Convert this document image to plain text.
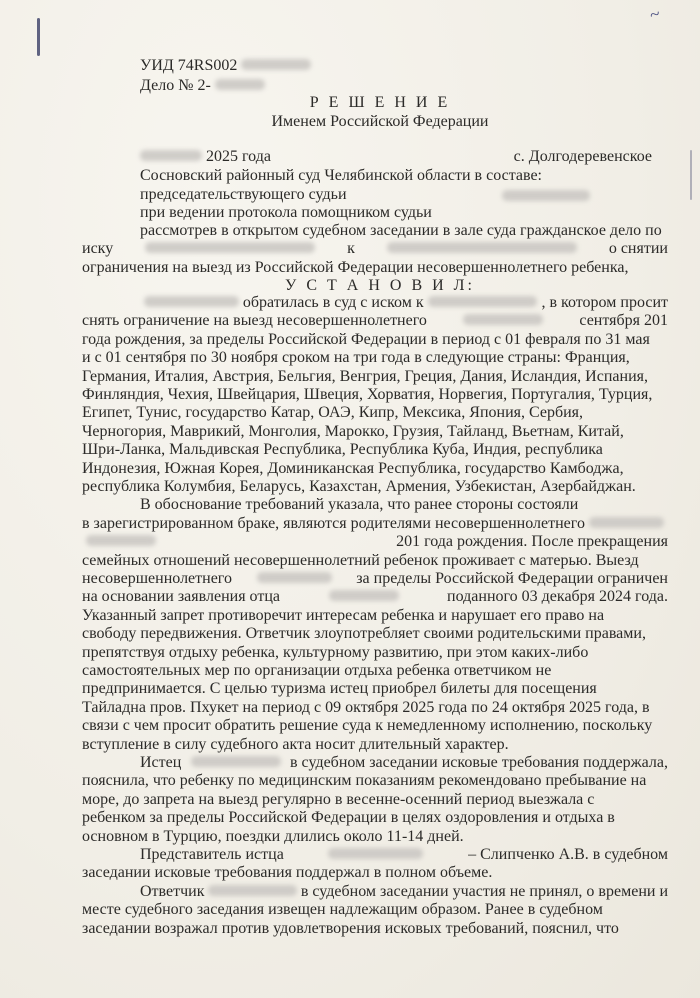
~
УИД 74RS002
Дело № 2-
Р Е Ш Е Н И Е
Именем Российской Федерации
2025 года	с. Долгодеревенское
Сосновский районный суд Челябинской области в составе:
председательствующего судьи
при ведении протокола помощником судьи
рассмотрев в открытом судебном заседании в зале суда гражданское дело по
иску	к	о снятии
ограничения на выезд из Российской Федерации несовершеннолетнего ребенка,
У С Т А Н О В И Л:
обратилась в суд с иском к	, в котором просит
снять ограничение на выезд несовершеннолетнего	сентября 201
года рождения, за пределы Российской Федерации в период с 01 февраля по 31 мая
и с 01 сентября по 30 ноября сроком на три года в следующие страны: Франция,
Германия, Италия, Австрия, Бельгия, Венгрия, Греция, Дания, Исландия, Испания,
Финляндия, Чехия, Швейцария, Швеция, Хорватия, Норвегия, Португалия, Турция,
Египет, Тунис, государство Катар, ОАЭ, Кипр, Мексика, Япония, Сербия,
Черногория, Маврикий, Монголия, Марокко, Грузия, Тайланд, Вьетнам, Китай,
Шри-Ланка, Мальдивская Республика, Республика Куба, Индия, республика
Индонезия, Южная Корея, Доминиканская Республика, государство Камбоджа,
республика Колумбия, Беларусь, Казахстан, Армения, Узбекистан, Азербайджан.
В обоснование требований указала, что ранее стороны состояли
в зарегистрированном браке, являются родителями несовершеннолетнего
201 года рождения. После прекращения
семейных отношений несовершеннолетний ребенок проживает с матерью. Выезд
несовершеннолетнего	за пределы Российской Федерации ограничен
на основании заявления отца	поданного 03 декабря 2024 года.
Указанный запрет противоречит интересам ребенка и нарушает его право на
свободу передвижения. Ответчик злоупотребляет своими родительскими правами,
препятствуя отдыху ребенка, культурному развитию, при этом каких-либо
самостоятельных мер по организации отдыха ребенка ответчиком не
предпринимается. С целью туризма истец приобрел билеты для посещения
Тайладна пров. Пхукет на период с 09 октября 2025 года по 24 октября 2025 года, в
связи с чем просит обратить решение суда к немедленному исполнению, поскольку
вступление в силу судебного акта носит длительный характер.
Истец	в судебном заседании исковые требования поддержала,
пояснила, что ребенку по медицинским показаниям рекомендовано пребывание на
море, до запрета на выезд регулярно в весенне-осенний период выезжала с
ребенком за пределы Российской Федерации в целях оздоровления и отдыха в
основном в Турцию, поездки длились около 11-14 дней.
Представитель истца	– Слипченко А.В. в судебном
заседании исковые требования поддержал в полном объеме.
Ответчик	в судебном заседании участия не принял, о времени и
месте судебного заседания извещен надлежащим образом. Ранее в судебном
заседании возражал против удовлетворения исковых требований, пояснил, что
